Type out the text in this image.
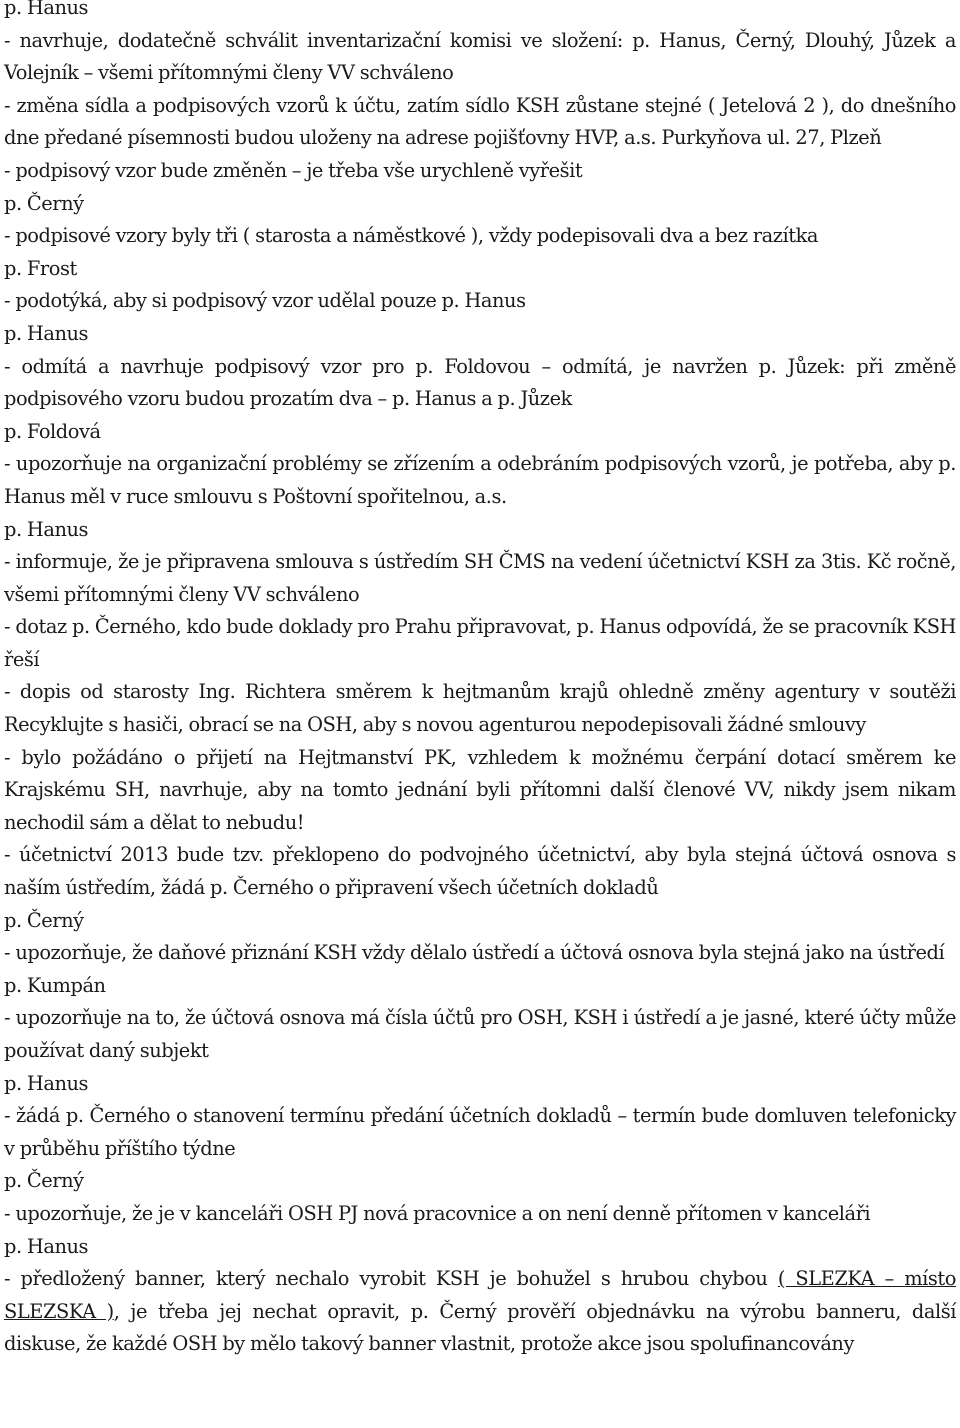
p. Hanus

- navrhuje, dodatečně schválit inventarizační komisi ve složení: p. Hanus, Černý, Dlouhý, Jůzek a Volejník – všemi přítomnými členy VV schváleno

- změna sídla a podpisových vzorů k účtu, zatím sídlo KSH zůstane stejné ( Jetelová 2 ), do dnešního dne předané písemnosti budou uloženy na adrese pojišťovny HVP, a.s. Purkyňova ul. 27, Plzeň

- podpisový vzor bude změněn – je třeba vše urychleně vyřešit

p. Černý

- podpisové vzory byly tři ( starosta a náměstkové ), vždy podepisovali dva a bez razítka

p. Frost

- podotýká, aby si podpisový vzor udělal pouze p. Hanus

p. Hanus

- odmítá a navrhuje podpisový vzor pro p. Foldovou – odmítá, je navržen p. Jůzek: při změně podpisového vzoru budou prozatím dva – p. Hanus a p. Jůzek

p. Foldová

- upozorňuje na organizační problémy se zřízením a odebráním podpisových vzorů, je potřeba, aby p. Hanus měl v ruce smlouvu s Poštovní spořitelnou, a.s.

p. Hanus

- informuje, že je připravena smlouva s ústředím SH ČMS na vedení účetnictví KSH za 3tis. Kč ročně, všemi přítomnými členy VV schváleno

- dotaz p. Černého, kdo bude doklady pro Prahu připravovat, p. Hanus odpovídá, že se pracovník KSH řeší

- dopis od starosty Ing. Richtera směrem k hejtmanům krajů ohledně změny agentury v soutěži Recyklujte s hasiči, obrací se na OSH, aby s novou agenturou nepodepisovali žádné smlouvy

- bylo požádáno o přijetí na Hejtmanství PK, vzhledem k možnému čerpání dotací směrem ke Krajskému SH, navrhuje, aby na tomto jednání byli přítomni další členové VV, nikdy jsem nikam nechodil sám a dělat to nebudu!

- účetnictví 2013 bude tzv. překlopeno do podvojného účetnictví, aby byla stejná účtová osnova s naším ústředím, žádá p. Černého o připravení všech účetních dokladů

p. Černý

- upozorňuje, že daňové přiznání KSH vždy dělalo ústředí a účtová osnova byla stejná jako na ústředí

p. Kumpán

- upozorňuje na to, že účtová osnova má čísla účtů pro OSH, KSH i ústředí a je jasné, které účty může používat daný subjekt

p. Hanus

- žádá p. Černého o stanovení termínu předání účetních dokladů – termín bude domluven telefonicky v průběhu příštího týdne

p. Černý

- upozorňuje, že je v kanceláři OSH PJ nová pracovnice a on není denně přítomen v kanceláři

p. Hanus

- předložený banner, který nechalo vyrobit KSH je bohužel s hrubou chybou ( SLEZKA – místo SLEZSKA ), je třeba jej nechat opravit, p. Černý prověří objednávku na výrobu banneru, další diskuse, že každé OSH by mělo takový banner vlastnit, protože akce jsou spolufinancovány
